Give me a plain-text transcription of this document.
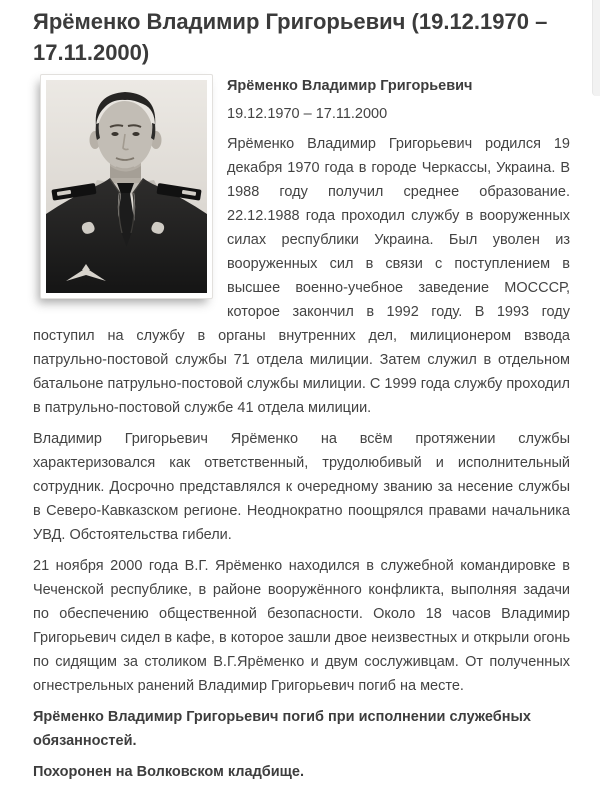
Ярёменко Владимир Григорьевич (19.12.1970 – 17.11.2000)

Ярёменко Владимир Григорьевич

19.12.1970 – 17.11.2000

Ярёменко Владимир Григорьевич родился 19 декабря 1970 года в городе Черкассы, Украина. В 1988 году получил среднее образование. 22.12.1988 года проходил службу в вооруженных силах республики Украина. Был уволен из вооруженных сил в связи с поступлением в высшее военно-учебное заведение МОСССР, которое закончил в 1992 году. В 1993 году поступил на службу в органы внутренних дел, милиционером взвода патрульно-постовой службы 71 отдела милиции. Затем служил в отдельном батальоне патрульно-постовой службы милиции. С 1999 года службу проходил в патрульно-постовой службе 41 отдела милиции.

Владимир Григорьевич Ярёменко на всём протяжении службы характеризовался как ответственный, трудолюбивый и исполнительный сотрудник. Досрочно представлялся к очередному званию за несение службы в Северо-Кавказском регионе. Неоднократно поощрялся правами начальника УВД. Обстоятельства гибели.

21 ноября 2000 года В.Г. Ярёменко находился в служебной командировке в Чеченской республике, в районе вооружённого конфликта, выполняя задачи по обеспечению общественной безопасности. Около 18 часов Владимир Григорьевич сидел в кафе, в которое зашли двое неизвестных и открыли огонь по сидящим за столиком В.Г.Ярёменко и двум сослуживцам. От полученных огнестрельных ранений Владимир Григорьевич погиб на месте.

Ярёменко Владимир Григорьевич погиб при исполнении служебных обязанностей.

Похоронен на Волковском кладбище.
